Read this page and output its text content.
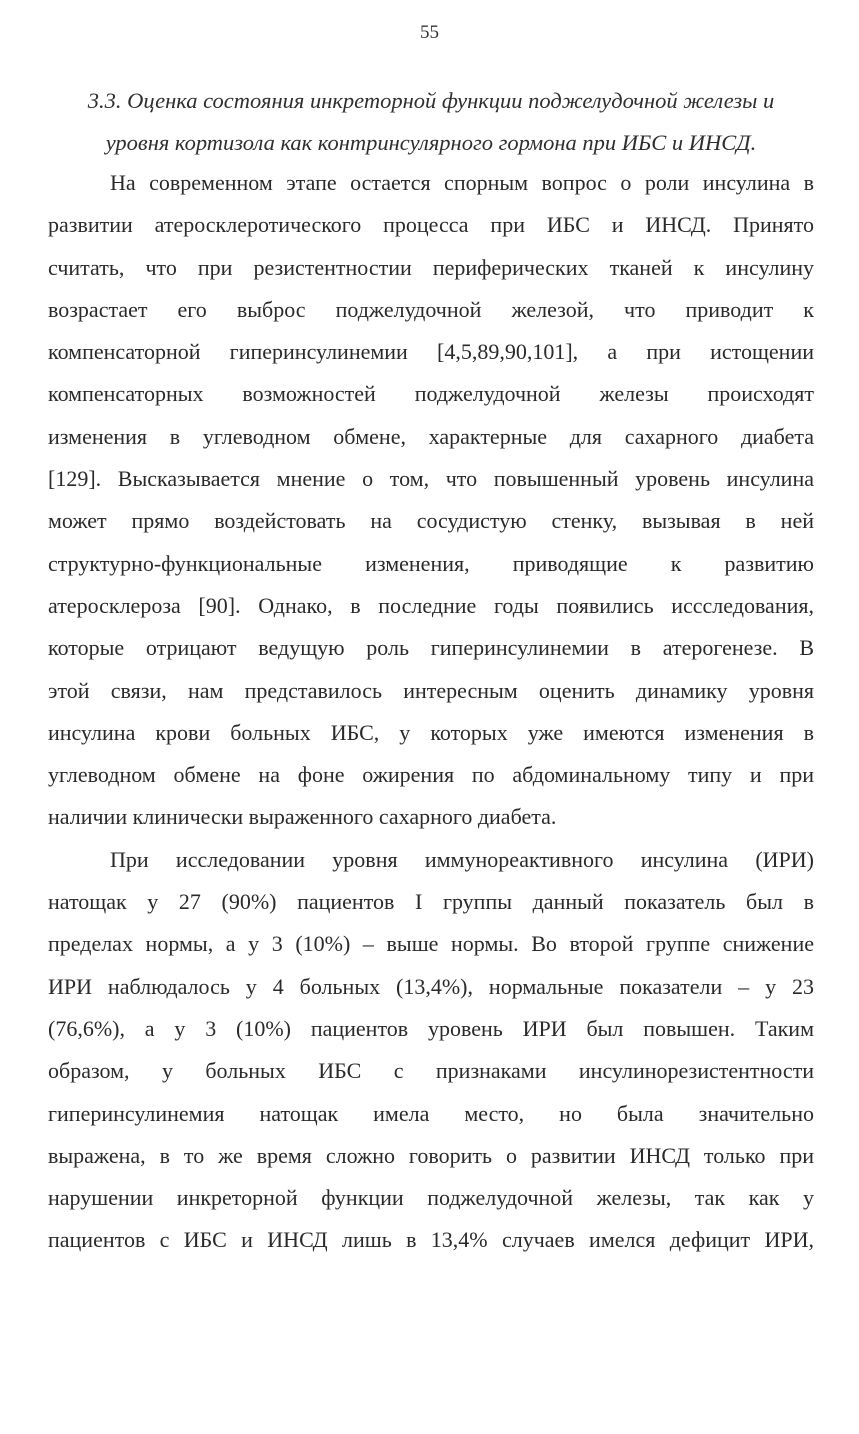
55
3.3. Оценка состояния инкреторной функции поджелудочной железы и
уровня кортизола как контринсулярного гормона при ИБС и ИНСД.

На современном этапе остается спорным вопрос о роли инсулина в
развитии атеросклеротического процесса при ИБС и ИНСД. Принято
считать, что при резистентностии периферических тканей к инсулину
возрастает его выброс поджелудочной железой, что приводит к
компенсаторной гиперинсулинемии [4,5,89,90,101], а при истощении
компенсаторных возможностей поджелудочной железы происходят
изменения в углеводном обмене, характерные для сахарного диабета
[129]. Высказывается мнение о том, что повышенный уровень инсулина
может прямо воздейстовать на сосудистую стенку, вызывая в ней
структурно-функциональные изменения, приводящие к развитию
атеросклероза [90]. Однако, в последние годы появились иссследования,
которые отрицают ведущую роль гиперинсулинемии в атерогенезе. В
этой связи, нам представилось интересным оценить динамику уровня
инсулина крови больных ИБС, у которых уже имеются изменения в
углеводном обмене на фоне ожирения по абдоминальному типу и при
наличии клинически выраженного сахарного диабета.

При исследовании уровня иммунореактивного инсулина (ИРИ)
натощак у 27 (90%) пациентов I группы данный показатель был в
пределах нормы, а у 3 (10%) – выше нормы. Во второй группе снижение
ИРИ наблюдалось у 4 больных (13,4%), нормальные показатели – у 23
(76,6%), а у 3 (10%) пациентов уровень ИРИ был повышен. Таким
образом, у больных ИБС с признаками инсулинорезистентности
гиперинсулинемия натощак имела место, но была значительно
выражена, в то же время сложно говорить о развитии ИНСД только при
нарушении инкреторной функции поджелудочной железы, так как у
пациентов с ИБС и ИНСД лишь в 13,4% случаев имелся дефицит ИРИ,
